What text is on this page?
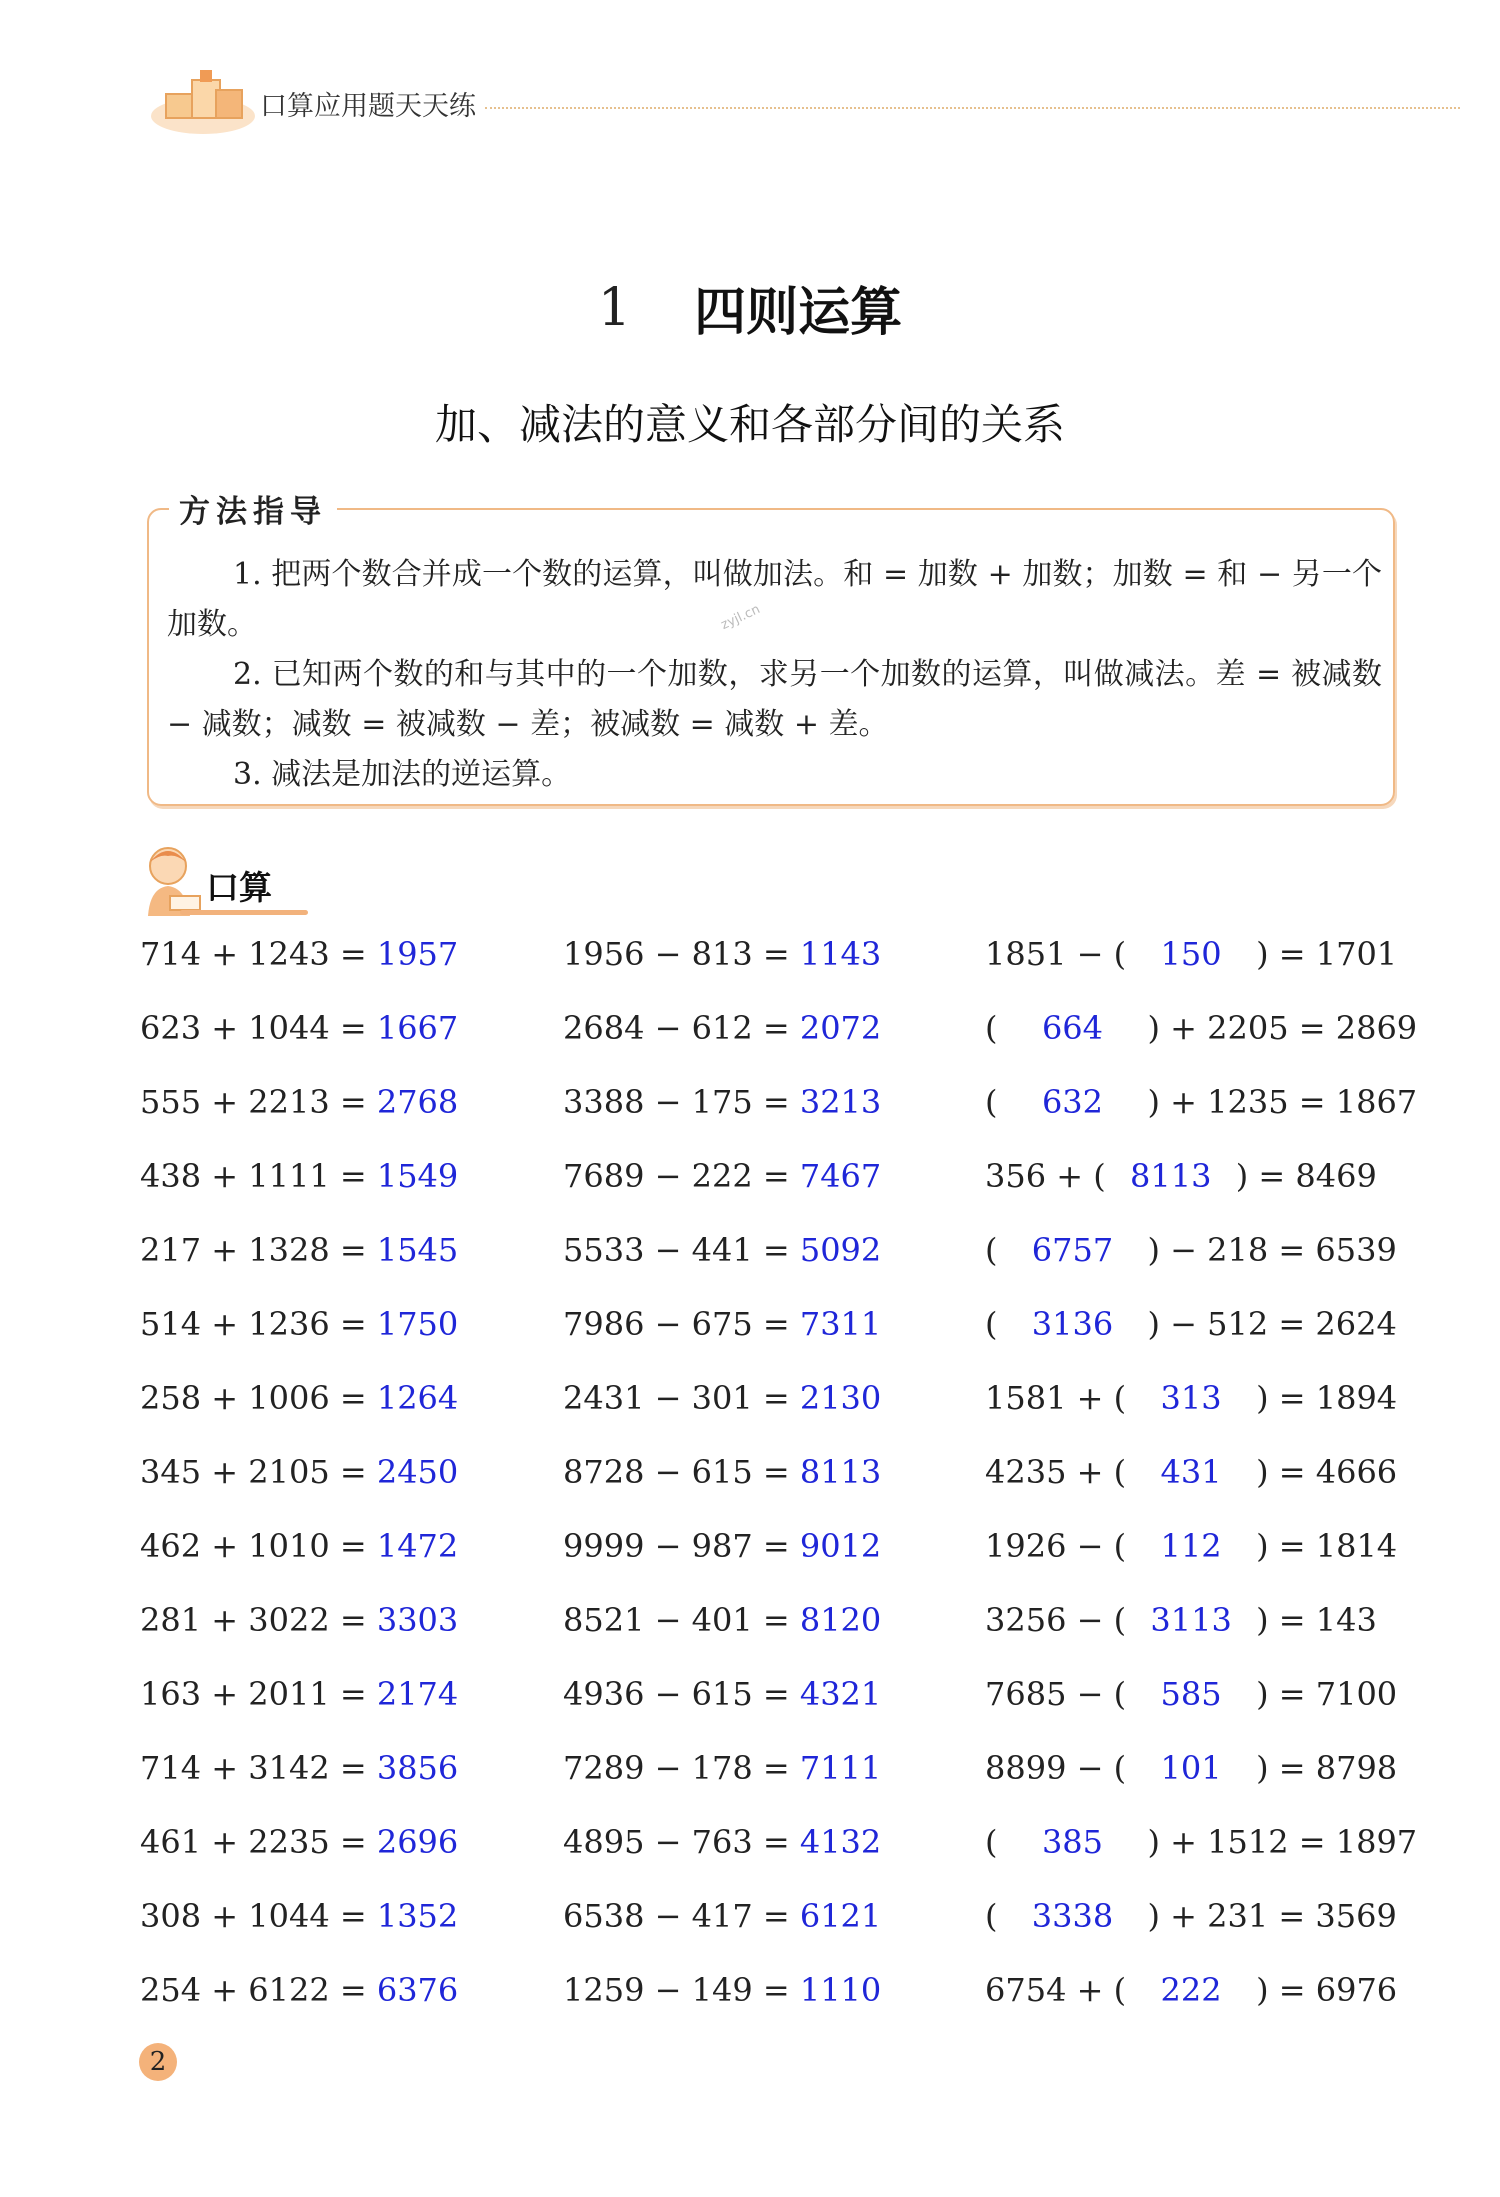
口算应用题天天练
1 四则运算
加、减法的意义和各部分间的关系
方法指导

1. 把两个数合并成一个数的运算，叫做加法。和 = 加数 + 加数；加数 = 和 − 另一个加数。

2. 已知两个数的和与其中的一个加数，求另一个加数的运算，叫做减法。差 = 被减数 − 减数；减数 = 被减数 − 差；被减数 = 减数 + 差。

3. 减法是加法的逆运算。

zyjl.cn
口算
714 + 1243 = 1957
623 + 1044 = 1667
555 + 2213 = 2768
438 + 1111 = 1549
217 + 1328 = 1545
514 + 1236 = 1750
258 + 1006 = 1264
345 + 2105 = 2450
462 + 1010 = 1472
281 + 3022 = 3303
163 + 2011 = 2174
714 + 3142 = 3856
461 + 2235 = 2696
308 + 1044 = 1352
254 + 6122 = 6376
1956 − 813 = 1143
2684 − 612 = 2072
3388 − 175 = 3213
7689 − 222 = 7467
5533 − 441 = 5092
7986 − 675 = 7311
2431 − 301 = 2130
8728 − 615 = 8113
9999 − 987 = 9012
8521 − 401 = 8120
4936 − 615 = 4321
7289 − 178 = 7111
4895 − 763 = 4132
6538 − 417 = 6121
1259 − 149 = 1110
1851 − ( 150 ) = 1701
( 664 ) + 2205 = 2869
( 632 ) + 1235 = 1867
356 + ( 8113 ) = 8469
( 6757 ) − 218 = 6539
( 3136 ) − 512 = 2624
1581 + ( 313 ) = 1894
4235 + ( 431 ) = 4666
1926 − ( 112 ) = 1814
3256 − ( 3113 ) = 143
7685 − ( 585 ) = 7100
8899 − ( 101 ) = 8798
( 385 ) + 1512 = 1897
( 3338 ) + 231 = 3569
6754 + ( 222 ) = 6976
2
